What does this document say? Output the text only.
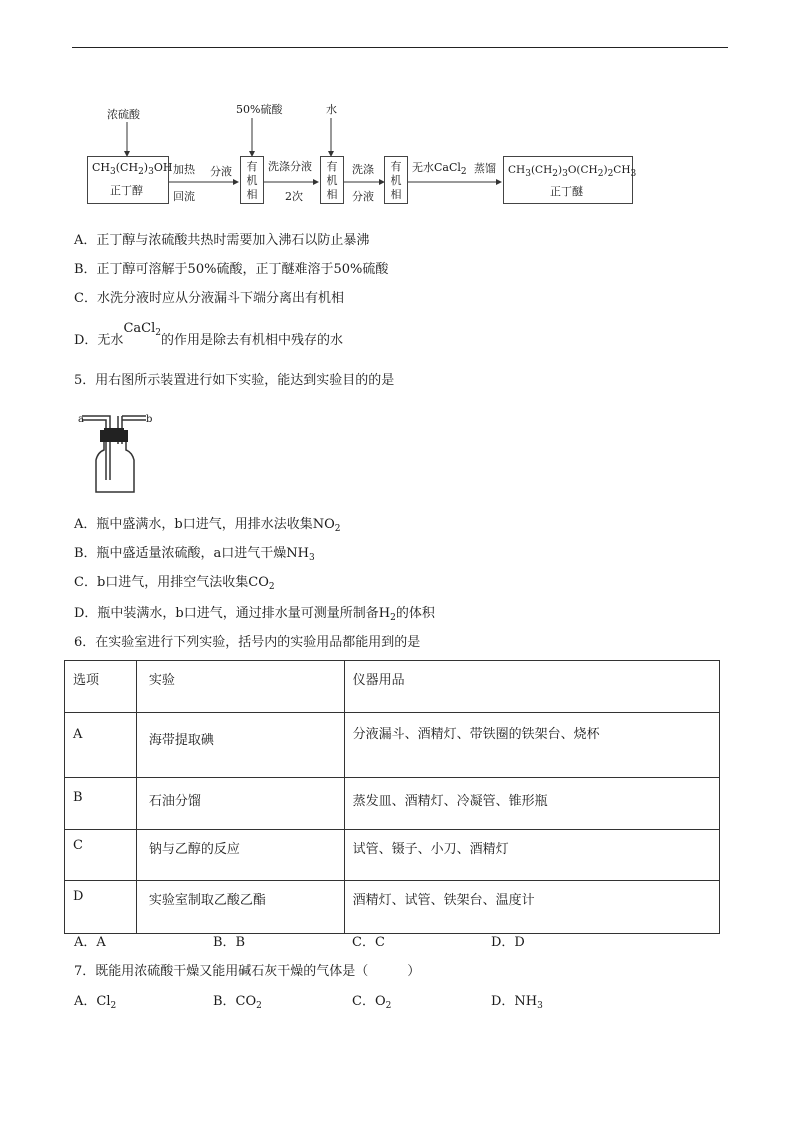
浓硫酸	50%硫酸	水
$CH_3(CH_2)_3OH$
正丁醇
加热
回流
分液 有
机
相
洗涤分液
2次
有
机
相
洗涤
分液
有
机
相
无水CaCl$_2$ 蒸馏 $CH_3(CH_2)_3O(CH_2)_2CH_3$
正丁醚
A．正丁醇与浓硫酸共热时需要加入沸石以防止暴沸
B．正丁醇可溶解于50%硫酸，正丁醚难溶于50%硫酸
C．水洗分液时应从分液漏斗下端分离出有机相
D．无水CaCl$_2$的作用是除去有机相中残存的水
5．用右图所示装置进行如下实验，能达到实验目的的是
a	b
A．瓶中盛满水，b口进气，用排水法收集$NO_2$
B．瓶中盛适量浓硫酸，a口进气干燥$NH_3$
C．b口进气，用排空气法收集$CO_2$
D．瓶中装满水，b口进气，通过排水量可测量所制备$H_2$的体积
6．在实验室进行下列实验，括号内的实验用品都能用到的是
选项	实验	仪器用品
A	海带提取碘	分液漏斗、酒精灯、带铁圈的铁架台、烧杯
B	石油分馏	蒸发皿、酒精灯、冷凝管、锥形瓶
C	钠与乙醇的反应	试管、镊子、小刀、酒精灯
D	实验室制取乙酸乙酯	酒精灯、试管、铁架台、温度计
A．A	B．B	C．C	D．D
7．既能用浓硫酸干燥又能用碱石灰干燥的气体是（　　　）
A．$Cl_2$	B．$CO_2$	C．$O_2$	D．$NH_3$
